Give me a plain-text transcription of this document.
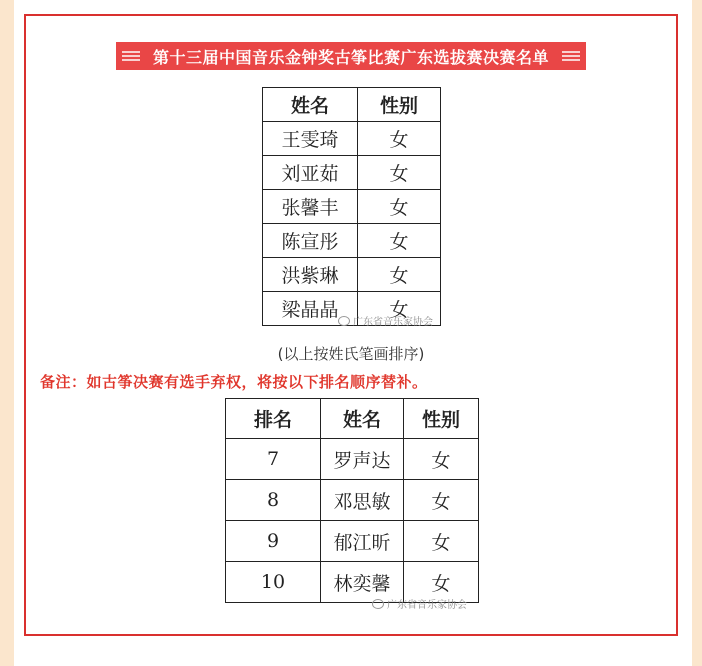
第十三届中国音乐金钟奖古筝比赛广东选拔赛决赛名单
姓名	性别
王雯琦	女
刘亚茹	女
张馨丰	女
陈宣彤	女
洪紫琳	女
梁晶晶	女
广东省音乐家协会
(以上按姓氏笔画排序)
备注：如古筝决赛有选手弃权，将按以下排名顺序替补。
排名	姓名	性别
7	罗声达	女
8	邓思敏	女
9	郁江昕	女
10	林奕馨	女
广东省音乐家协会
